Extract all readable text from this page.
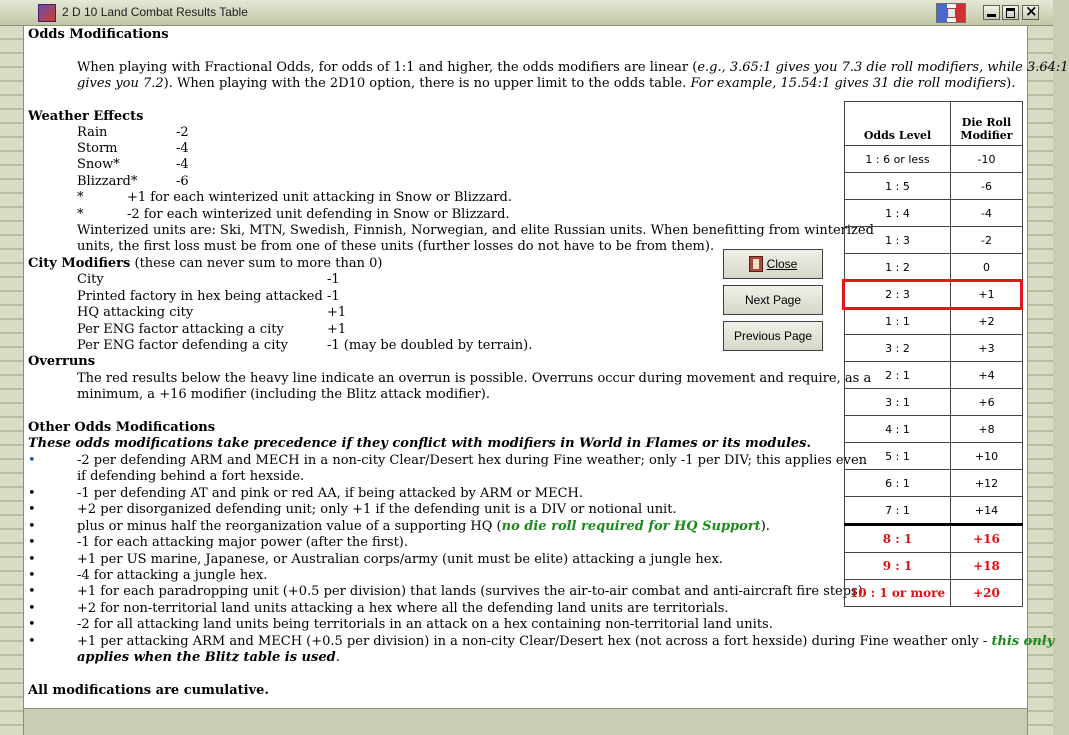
2 D 10 Land Combat Results Table
×
Odds Modifications
When playing with Fractional Odds, for odds of 1:1 and higher, the odds modifiers are linear (e.g., 3.65:1 gives you 7.3 die roll modifiers, while 3.64:1
gives you 7.2). When playing with the 2D10 option, there is no upper limit to the odds table. For example, 15.54:1 gives 31 die roll modifiers).
Weather Effects
Rain	-2
Storm	-4
Snow*	-4
Blizzard*	-6
*	+1 for each winterized unit attacking in Snow or Blizzard.
*	-2 for each winterized unit defending in Snow or Blizzard.
Winterized units are: Ski, MTN, Swedish, Finnish, Norwegian, and elite Russian units. When benefitting from winterized
units, the first loss must be from one of these units (further losses do not have to be from them).
City Modifiers (these can never sum to more than 0)
City	-1
Printed factory in hex being attacked -1
HQ attacking city	+1
Per ENG factor attacking a city	+1
Per ENG factor defending a city	-1 (may be doubled by terrain).
Overruns
The red results below the heavy line indicate an overrun is possible. Overruns occur during movement and require, as a
minimum, a +16 modifier (including the Blitz attack modifier).
Other Odds Modifications
These odds modifications take precedence if they conflict with modifiers in World in Flames or its modules.
•	-2 per defending ARM and MECH in a non-city Clear/Desert hex during Fine weather; only -1 per DIV; this applies even
if defending behind a fort hexside.
•	-1 per defending AT and pink or red AA, if being attacked by ARM or MECH.
•	+2 per disorganized defending unit; only +1 if the defending unit is a DIV or notional unit.
•	plus or minus half the reorganization value of a supporting HQ (no die roll required for HQ Support).
•	-1 for each attacking major power (after the first).
•	+1 per US marine, Japanese, or Australian corps/army (unit must be elite) attacking a jungle hex.
•	-4 for attacking a jungle hex.
•	+1 for each paradropping unit (+0.5 per division) that lands (survives the air-to-air combat and anti-aircraft fire steps).
•	+2 for non-territorial land units attacking a hex where all the defending land units are territorials.
•	-2 for all attacking land units being territorials in an attack on a hex containing non-territorial land units.
•	+1 per attacking ARM and MECH (+0.5 per division) in a non-city Clear/Desert hex (not across a fort hexside) during Fine weather only - this only
applies when the Blitz table is used.
All modifications are cumulative.
Close
Next Page
Previous Page
Odds Level	Die Roll
Modifier
1 : 6 or less	-10
1 : 5	-6
1 : 4	-4
1 : 3	-2
1 : 2	0
2 : 3	+1
1 : 1	+2
3 : 2	+3
2 : 1	+4
3 : 1	+6
4 : 1	+8
5 : 1	+10
6 : 1	+12
7 : 1	+14
8 : 1	+16
9 : 1	+18
10 : 1 or more	+20
